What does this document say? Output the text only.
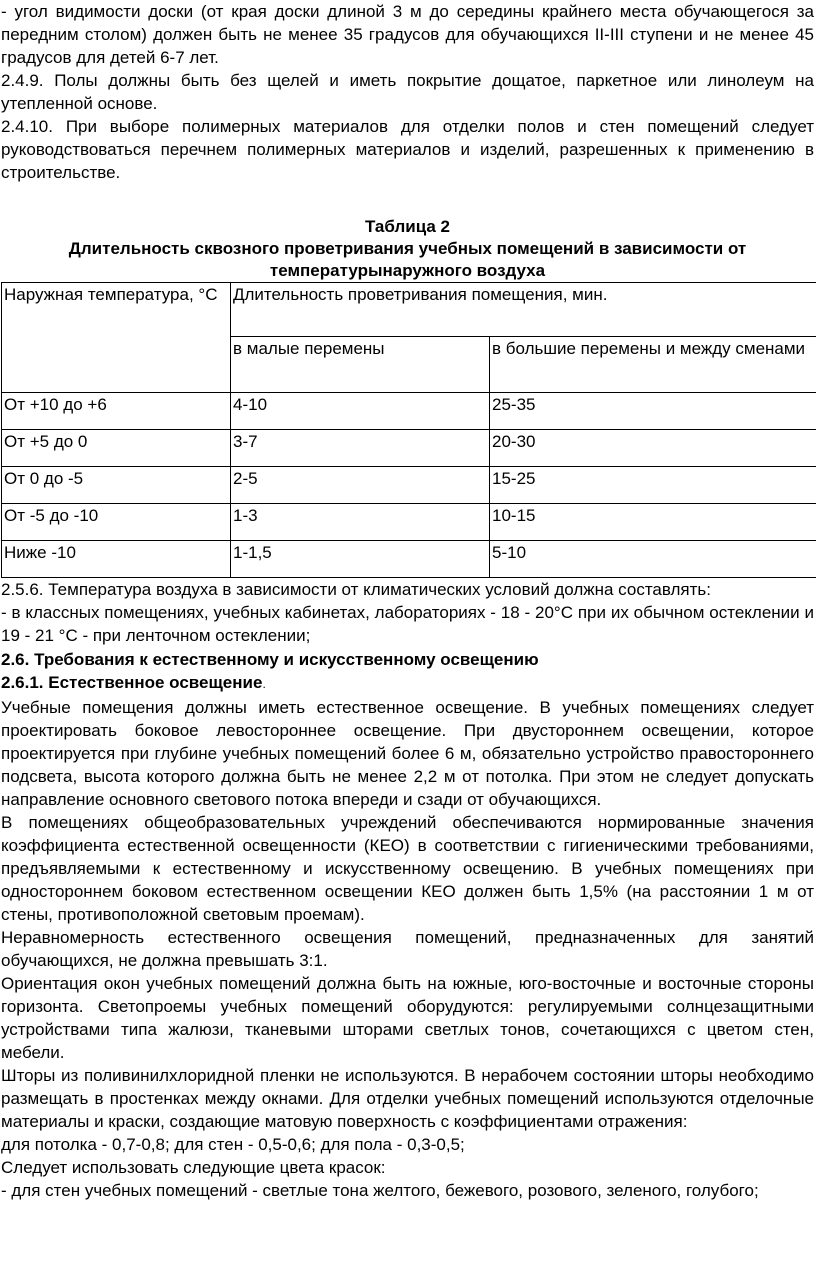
- угол видимости доски (от края доски длиной 3 м до середины крайнего места обучающегося за передним столом) должен быть не менее 35 градусов для обучающихся II-III ступени и не менее 45 градусов для детей 6-7 лет.

2.4.9. Полы должны быть без щелей и иметь покрытие дощатое, паркетное или линолеум на утепленной основе.

2.4.10. При выборе полимерных материалов для отделки полов и стен помещений следует руководствоваться перечнем полимерных материалов и изделий, разрешенных к применению в строительстве.

Таблица 2
Длительность сквозного проветривания учебных помещений в зависимости от температурынаружного воздуха
Наружная температура, °С	Длительность проветривания помещения, мин.	
	в малые перемены	в большие перемены и между сменами
От +10 до +6	4-10	25-35
От +5 до 0	3-7	20-30
От 0 до -5	2-5	15-25
От -5 до -10	1-3	10-15
Ниже -10	1-1,5	5-10

2.5.6. Температура воздуха в зависимости от климатических условий должна составлять:

- в классных помещениях, учебных кабинетах, лабораториях - 18 - 20°С при их обычном остеклении и 19 - 21 °С - при ленточном остеклении;

2.6. Требования к естественному и искусственному освещению

2.6.1. Естественное освещение.

Учебные помещения должны иметь естественное освещение. В учебных помещениях следует проектировать боковое левостороннее освещение. При двустороннем освещении, которое проектируется при глубине учебных помещений более 6 м, обязательно устройство правостороннего подсвета, высота которого должна быть не менее 2,2 м от потолка. При этом не следует допускать направление основного светового потока впереди и сзади от обучающихся.

В помещениях общеобразовательных учреждений обеспечиваются нормированные значения коэффициента естественной освещенности (КЕО) в соответствии с гигиеническими требованиями, предъявляемыми к естественному и искусственному освещению. В учебных помещениях при одностороннем боковом естественном освещении КЕО должен быть 1,5% (на расстоянии 1 м от стены, противоположной световым проемам).

Неравномерность естественного освещения помещений, предназначенных для занятий обучающихся, не должна превышать 3:1.

Ориентация окон учебных помещений должна быть на южные, юго-восточные и восточные стороны горизонта. Светопроемы учебных помещений оборудуются: регулируемыми солнцезащитными устройствами типа жалюзи, тканевыми шторами светлых тонов, сочетающихся с цветом стен, мебели.

Шторы из поливинилхлоридной пленки не используются. В нерабочем состоянии шторы необходимо размещать в простенках между окнами. Для отделки учебных помещений используются отделочные материалы и краски, создающие матовую поверхность с коэффициентами отражения:

для потолка - 0,7-0,8; для стен - 0,5-0,6; для пола - 0,3-0,5;

Следует использовать следующие цвета красок:

- для стен учебных помещений - светлые тона желтого, бежевого, розового, зеленого, голубого;
